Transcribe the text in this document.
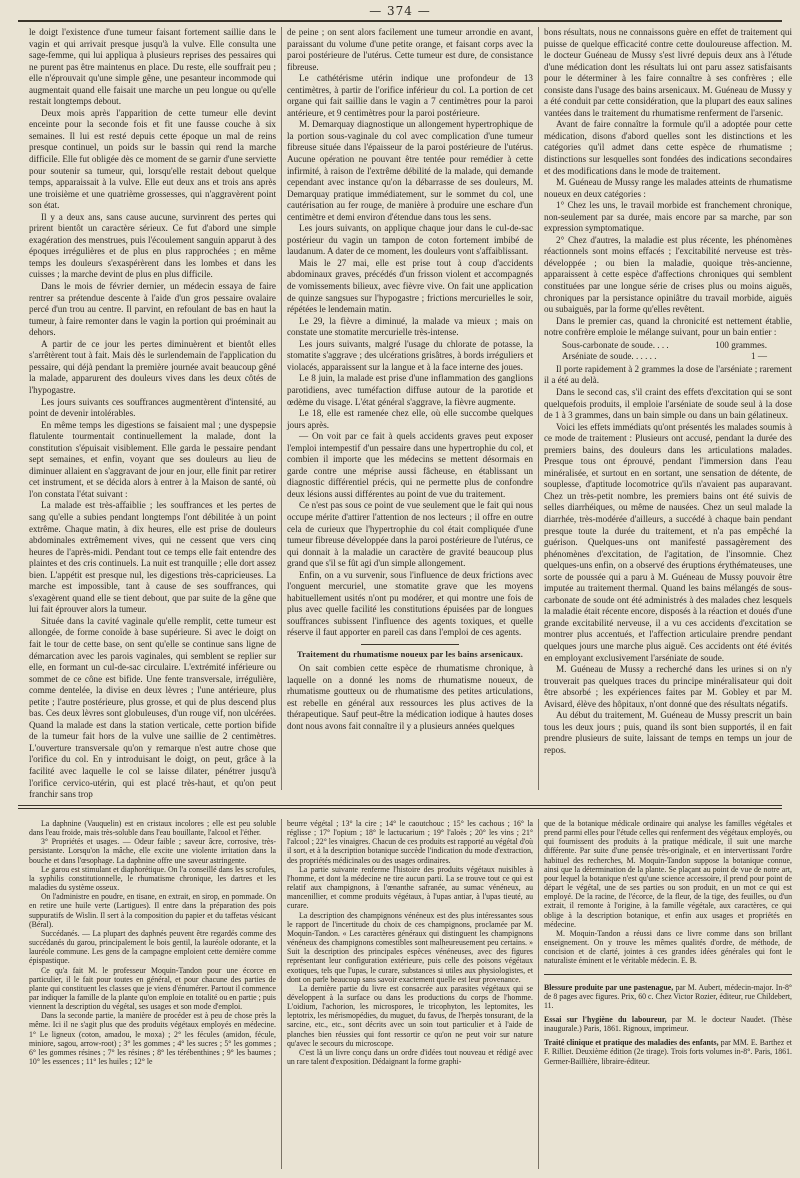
— 374 —

le doigt l'existence d'une tumeur faisant fortement saillie dans le vagin et qui arrivait presque jusqu'à la vulve. Elle consulta une sage-femme, qui lui appliqua à plusieurs reprises des pessaires qui ne purent pas être maintenus en place. Du reste, elle souffrait peu ; elle n'éprouvait qu'une simple gêne, une pesanteur incommode qui augmentait quand elle faisait une marche un peu longue ou qu'elle restait longtemps debout.

Deux mois après l'apparition de cette tumeur elle devint enceinte pour la seconde fois et fit une fausse couche à six semaines. Il lui est resté depuis cette époque un mal de reins presque continuel, un poids sur le bassin qui rend la marche difficile. Elle fut obligée dès ce moment de se garnir d'une serviette pour soutenir sa tumeur, qui, lorsqu'elle restait debout quelque temps, apparaissait à la vulve. Elle eut deux ans et trois ans après une troisième et une quatrième grossesses, qui n'aggravèrent point son état.

Il y a deux ans, sans cause aucune, survinrent des pertes qui prirent bientôt un caractère sérieux. Ce fut d'abord une simple exagération des menstrues, puis l'écoulement sanguin apparut à des époques irrégulières et de plus en plus rapprochées ; en même temps les douleurs s'exaspérèrent dans les lombes et dans les cuisses ; la marche devint de plus en plus difficile.

Dans le mois de février dernier, un médecin essaya de faire rentrer sa prétendue descente à l'aide d'un gros pessaire ovalaire percé d'un trou au centre. Il parvint, en refoulant de bas en haut la tumeur, à faire remonter dans le vagin la portion qui proéminait au dehors.

A partir de ce jour les pertes diminuèrent et bientôt elles s'arrêtèrent tout à fait. Mais dès le surlendemain de l'application du pessaire, qui déjà pendant la première journée avait beaucoup gêné la malade, apparurent des douleurs vives dans les deux côtés de l'hypogastre.

Les jours suivants ces souffrances augmentèrent d'intensité, au point de devenir intolérables.

En même temps les digestions se faisaient mal ; une dyspepsie flatulente tourmentait continuellement la malade, dont la constitution s'épuisait visiblement. Elle garda le pessaire pendant sept semaines, et enfin, voyant que ses douleurs au lieu de diminuer allaient en s'aggravant de jour en jour, elle finit par retirer cet instrument, et se décida alors à entrer à la Maison de santé, où l'on constata l'état suivant :

La malade est très-affaiblie ; les souffrances et les pertes de sang qu'elle a subies pendant longtemps l'ont débilitée à un point extrême. Chaque matin, à dix heures, elle est prise de douleurs abdominales extrêmement vives, qui ne cessent que vers cinq heures de l'après-midi. Pendant tout ce temps elle fait entendre des plaintes et des cris continuels. La nuit est tranquille ; elle dort assez bien. L'appétit est presque nul, les digestions très-capricieuses. La marche est impossible, tant à cause de ses souffrances, qui s'exagèrent quand elle se tient debout, que par suite de la gêne que lui fait éprouver alors la tumeur.

Située dans la cavité vaginale qu'elle remplit, cette tumeur est allongée, de forme conoïde à base supérieure. Si avec le doigt on fait le tour de cette base, on sent qu'elle se continue sans ligne de démarcation avec les parois vaginales, qui semblent se replier sur elle, en formant un cul-de-sac circulaire. L'extrémité inférieure ou sommet de ce cône est bifide. Une fente transversale, irrégulière, comme dentelée, la divise en deux lèvres ; l'une antérieure, plus petite ; l'autre postérieure, plus grosse, et qui de plus descend plus bas. Ces deux lèvres sont globuleuses, d'un rouge vif, non ulcérées. Quand la malade est dans la station verticale, cette portion bifide de la tumeur fait hors de la vulve une saillie de 2 centimètres. L'ouverture transversale qu'on y remarque n'est autre chose que l'orifice du col. En y introduisant le doigt, on peut, grâce à la facilité avec laquelle le col se laisse dilater, pénétrer jusqu'à l'orifice cervico-utérin, qui est placé très-haut, et qu'on peut franchir sans trop

de peine ; on sent alors facilement une tumeur arrondie en avant, paraissant du volume d'une petite orange, et faisant corps avec la paroi postérieure de l'utérus. Cette tumeur est dure, de consistance fibreuse.

Le cathétérisme utérin indique une profondeur de 13 centimètres, à partir de l'orifice inférieur du col. La portion de cet organe qui fait saillie dans le vagin a 7 centimètres pour la paroi antérieure, et 9 centimètres pour la paroi postérieure.

M. Demarquay diagnostique un allongement hypertrophique de la portion sous-vaginale du col avec complication d'une tumeur fibreuse située dans l'épaisseur de la paroi postérieure de l'utérus. Aucune opération ne pouvant être tentée pour remédier à cette infirmité, à raison de l'extrême débilité de la malade, qui demande cependant avec instance qu'on la débarrasse de ses douleurs, M. Demarquay pratique immédiatement, sur le sommet du col, une cautérisation au fer rouge, de manière à produire une eschare d'un centimètre et demi environ d'étendue dans tous les sens.

Les jours suivants, on applique chaque jour dans le cul-de-sac postérieur du vagin un tampon de coton fortement imbibé de laudanum. A dater de ce moment, les douleurs vont s'affaiblissant.

Mais le 27 mai, elle est prise tout à coup d'accidents abdominaux graves, précédés d'un frisson violent et accompagnés de vomissements bilieux, avec fièvre vive. On fait une application de quinze sangsues sur l'hypogastre ; frictions mercurielles le soir, répétées le lendemain matin.

Le 29, la fièvre a diminué, la malade va mieux ; mais on constate une stomatite mercurielle très-intense.

Les jours suivants, malgré l'usage du chlorate de potasse, la stomatite s'aggrave ; des ulcérations grisâtres, à bords irréguliers et violacés, apparaissent sur la langue et à la face interne des joues.

Le 8 juin, la malade est prise d'une inflammation des ganglions parotidiens, avec tuméfaction diffuse autour de la parotide et œdème du visage. L'état général s'aggrave, la fièvre augmente.

Le 18, elle est ramenée chez elle, où elle succombe quelques jours après.

— On voit par ce fait à quels accidents graves peut exposer l'emploi intempestif d'un pessaire dans une hypertrophie du col, et combien il importe que les médecins se mettent désormais en garde contre une méprise aussi fâcheuse, en établissant un diagnostic différentiel précis, qui ne permette plus de confondre deux lésions aussi différentes au point de vue du traitement.

Ce n'est pas sous ce point de vue seulement que le fait qui nous occupe mérite d'attirer l'attention de nos lecteurs ; il offre en outre cela de curieux que l'hypertrophie du col était compliquée d'une tumeur fibreuse développée dans la paroi postérieure de l'utérus, ce qui donnait à la maladie un caractère de gravité beaucoup plus grand que s'il se fût agi d'un simple allongement.

Enfin, on a vu survenir, sous l'influence de deux frictions avec l'onguent mercuriel, une stomatite grave que les moyens habituellement usités n'ont pu modérer, et qui montre une fois de plus avec quelle facilité les constitutions épuisées par de longues souffrances subissent l'influence des agents toxiques, et quelle réserve il faut apporter en pareil cas dans l'emploi de ces agents.

Traitement du rhumatisme noueux par les bains arsenicaux.

On sait combien cette espèce de rhumatisme chronique, à laquelle on a donné les noms de rhumatisme noueux, de rhumatisme goutteux ou de rhumatisme des petites articulations, est rebelle en général aux ressources les plus actives de la thérapeutique. Sauf peut-être la médication iodique à hautes doses dont nous avons fait connaître il y a plusieurs années quelques

bons résultats, nous ne connaissons guère en effet de traitement qui puisse de quelque efficacité contre cette douloureuse affection. M. le docteur Guéneau de Mussy s'est livré depuis deux ans à l'étude d'une médication dont les résultats lui ont paru assez satisfaisants pour le déterminer à les faire connaître à ses confrères ; elle consiste dans l'usage des bains arsenicaux. M. Guéneau de Mussy y a été conduit par cette considération, que la plupart des eaux salines vantées dans le traitement du rhumatisme renferment de l'arsenic.

Avant de faire connaître la formule qu'il a adoptée pour cette médication, disons d'abord quelles sont les distinctions et les catégories qu'il admet dans cette espèce de rhumatisme ; distinctions sur lesquelles sont fondées des indications secondaires et des modifications dans le mode de traitement.

M. Guéneau de Mussy range les malades atteints de rhumatisme noueux en deux catégories :

1° Chez les uns, le travail morbide est franchement chronique, non-seulement par sa durée, mais encore par sa marche, par son expression symptomatique.

2° Chez d'autres, la maladie est plus récente, les phénomènes réactionnels sont moins effacés ; l'excitabilité nerveuse est très-développée ; ou bien la maladie, quoique très-ancienne, apparaissent à cette espèce d'affections chroniques qui semblent constituées par une longue série de crises plus ou moins aiguës, chroniques par la persistance opiniâtre du travail morbide, aiguës ou subaiguës, par la forme qu'elles revêtent.

Dans le premier cas, quand la chronicité est nettement établie, notre confrère emploie le mélange suivant, pour un bain entier :

Sous-carbonate de soude. . . .	100 grammes.
Arséniate de soude. . . . . .	1 —

Il porte rapidement à 2 grammes la dose de l'arséniate ; rarement il a été au delà.

Dans le second cas, s'il craint des effets d'excitation qui se sont quelquefois produits, il emploie l'arséniate de soude seul à la dose de 1 à 3 grammes, dans un bain simple ou dans un bain gélatineux.

Voici les effets immédiats qu'ont présentés les malades soumis à ce mode de traitement : Plusieurs ont accusé, pendant la durée des premiers bains, des douleurs dans les articulations malades. Presque tous ont éprouvé, pendant l'immersion dans l'eau minéralisée, et surtout en en sortant, une sensation de détente, de souplesse, d'aptitude locomotrice qu'ils n'avaient pas auparavant. Chez un très-petit nombre, les premiers bains ont été suivis de selles diarrhéiques, ou même de nausées. Chez un seul malade la diarrhée, très-modérée d'ailleurs, a succédé à chaque bain pendant presque toute la durée du traitement, et n'a pas empêché la guérison. Quelques-uns ont manifesté passagèrement des phénomènes d'excitation, de l'agitation, de l'insomnie. Chez quelques-uns enfin, on a observé des éruptions érythémateuses, une sorte de poussée qui a paru à M. Guéneau de Mussy pouvoir être imputée au traitement thermal. Quand les bains mélangés de sous-carbonate de soude ont été administrés à des malades chez lesquels la maladie était récente encore, disposés à la réaction et doués d'une grande excitabilité nerveuse, il a vu ces accidents d'excitation se montrer plus accentués, et l'affection articulaire prendre pendant quelques jours une marche plus aiguë. Ces accidents ont été évités en employant exclusivement l'arséniate de soude.

M. Guéneau de Mussy a recherché dans les urines si on n'y trouverait pas quelques traces du principe minéralisateur qui doit être absorbé ; les expériences faites par M. Gobley et par M. Avisard, élève des hôpitaux, n'ont donné que des résultats négatifs.

Au début du traitement, M. Guéneau de Mussy prescrit un bain tous les deux jours ; puis, quand ils sont bien supportés, il en fait prendre plusieurs de suite, laissant de temps en temps un jour de repos.

La daphnine (Vauquelin) est en cristaux incolores ; elle est peu soluble dans l'eau froide, mais très-soluble dans l'eau bouillante, l'alcool et l'éther.

3° Propriétés et usages. — Odeur faible ; saveur âcre, corrosive, très-persistante. Lorsqu'on la mâche, elle excite une violente irritation dans la bouche et dans l'œsophage. La daphnine offre une saveur astringente.

Le garou est stimulant et diaphorétique. On l'a conseillé dans les scrofules, la syphilis constitutionnelle, le rhumatisme chronique, les dartres et les maladies du système osseux.

On l'administre en poudre, en tisane, en extrait, en sirop, en pommade. On en retire une huile verte (Lartigues). Il entre dans la préparation des pois suppuratifs de Wislin. Il sert à la composition du papier et du taffetas vésicant (Béral).

Succédanés. — La plupart des daphnés peuvent être regardés comme des succédanés du garou, principalement le bois gentil, la lauréole odorante, et la lauréole commune. Les gens de la campagne emploient cette dernière comme épispastique.

Ce qu'a fait M. le professeur Moquin-Tandon pour une écorce en particulier, il le fait pour toutes en général, et pour chacune des parties de plante qui constituent les classes que je viens d'énumérer. Partout il commence par indiquer la famille de la plante qu'on emploie en totalité ou en partie ; puis viennent la description du végétal, ses usages et son mode d'emploi.

Dans la seconde partie, la manière de procéder est à peu de chose près la même. Ici il ne s'agit plus que des produits végétaux employés en médecine. 1° Le ligneux (coton, amadou, le moxa) ; 2° les fécules (amidon, fécule, miniore, sagou, arrow-root) ; 3° les gommes ; 4° les sucres ; 5° les gommes ; 6° les gommes résines ; 7° les résines ; 8° les térébenthines ; 9° les baumes ; 10° les essences ; 11° les huiles ; 12° le

beurre végétal ; 13° la cire ; 14° le caoutchouc ; 15° les cachous ; 16° la réglisse ; 17° l'opium ; 18° le lactucarium ; 19° l'aloès ; 20° les vins ; 21° l'alcool ; 22° les vinaigres. Chacun de ces produits est rapporté au végétal d'où il sort, et à la description botanique succède l'indication du mode d'extraction, des propriétés médicinales ou des usages ordinaires.

La partie suivante renferme l'histoire des produits végétaux nuisibles à l'homme, et dont la médecine ne tire aucun parti. La se trouve tout ce qui est relatif aux champignons, à l'œnanthe safranée, au sumac vénéneux, au mancenillier, et comme produits végétaux, à l'upas antiar, à l'upas tieuté, au curare.

La description des champignons vénéneux est des plus intéressantes sous le rapport de l'incertitude du choix de ces champignons, proclamée par M. Moquin-Tandon. « Les caractères généraux qui distinguent les champignons vénéneux des champignons comestibles sont malheureusement peu certains. » Suit la description des principales espèces vénéneuses, avec des figures représentant leur configuration extérieure, puis celle des poisons végétaux exotiques, tels que l'upas, le curare, substances si utiles aux physiologistes, et dont on parle beaucoup sans savoir exactement quelle est leur provenance.

La dernière partie du livre est consacrée aux parasites végétaux qui se développent à la surface ou dans les productions du corps de l'homme. L'oidium, l'achorion, les microspores, le tricophyton, les leptomites, les leptotrix, les mérismopédies, du muguet, du favus, de l'herpès tonsurant, de la sarcine, etc., etc., sont décrits avec un soin tout particulier et à l'aide de planches bien réussies qui font ressortir ce qu'on ne peut voir sur nature qu'avec le secours du microscope.

C'est là un livre conçu dans un ordre d'idées tout nouveau et rédigé avec un rare talent d'exposition. Dédaignant la forme graphi-

que de la botanique médicale ordinaire qui analyse les familles végétales et prend parmi elles pour l'étude celles qui renferment des végétaux employés, ou qui fournissent des produits à la pratique médicale, il suit une marche différente. Par suite d'une pensée très-originale, et en intervertissant l'ordre habituel des recherches, M. Moquin-Tandon suppose la botanique connue, ainsi que la détermination de la plante. Se plaçant au point de vue de notre art, pour lequel la botanique n'est qu'une science accessoire, il prend pour point de départ le végétal, une de ses parties ou son produit, en un mot ce qui est employé. De la racine, de l'écorce, de la fleur, de la tige, des feuilles, ou d'un extrait, il remonte à l'origine, à la famille végétale, aux caractères, ce qui oblige à la description botanique, et enfin aux usages et propriétés en médecine.

M. Moquin-Tandon a réussi dans ce livre comme dans son brillant enseignement. On y trouve les mêmes qualités d'ordre, de méthode, de concision et de clarté, jointes à ces grandes idées générales qui font le naturaliste éminent et le véritable médecin. E. B.

Blessure produite par une pastenague, par M. Aubert, médecin-major. In-8° de 8 pages avec figures. Prix, 60 c. Chez Victor Rozier, éditeur, rue Childebert, 11.

Essai sur l'hygiène du laboureur, par M. le docteur Naudet. (Thèse inaugurale.) Paris, 1861. Rignoux, imprimeur.

Traité clinique et pratique des maladies des enfants, par MM. E. Barthez et F. Rilliet. Deuxième édition (2e tirage). Trois forts volumes in-8°. Paris, 1861. Germer-Baillière, libraire-éditeur.
